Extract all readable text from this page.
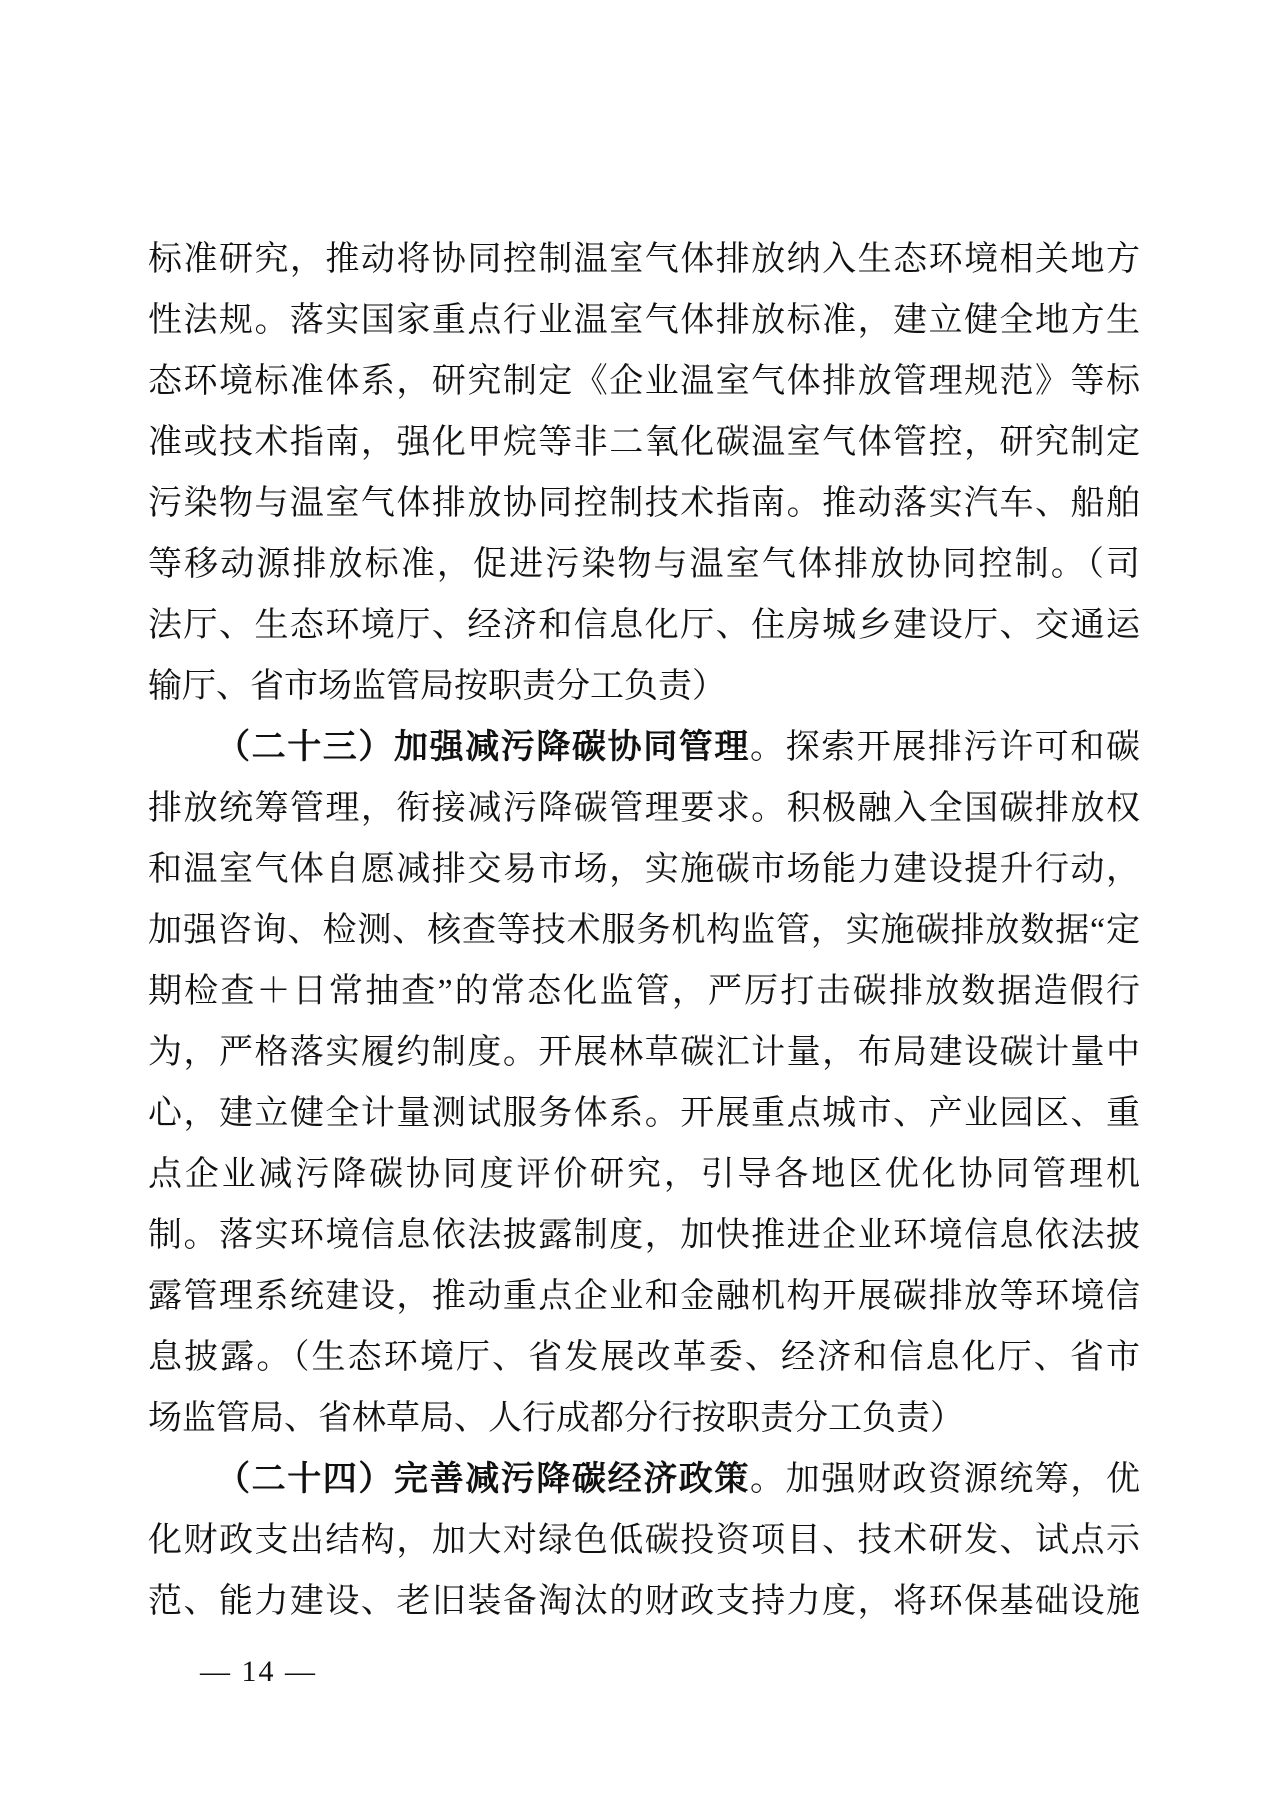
标准研究，推动将协同控制温室气体排放纳入生态环境相关地方
性法规。落实国家重点行业温室气体排放标准，建立健全地方生
态环境标准体系，研究制定《企业温室气体排放管理规范》等标
准或技术指南，强化甲烷等非二氧化碳温室气体管控，研究制定
污染物与温室气体排放协同控制技术指南。推动落实汽车、船舶
等移动源排放标准，促进污染物与温室气体排放协同控制。（司
法厅、生态环境厅、经济和信息化厅、住房城乡建设厅、交通运
输厅、省市场监管局按职责分工负责）
（二十三）加强减污降碳协同管理。探索开展排污许可和碳
排放统筹管理，衔接减污降碳管理要求。积极融入全国碳排放权
和温室气体自愿减排交易市场，实施碳市场能力建设提升行动，
加强咨询、检测、核查等技术服务机构监管，实施碳排放数据“定
期检查＋日常抽查”的常态化监管，严厉打击碳排放数据造假行
为，严格落实履约制度。开展林草碳汇计量，布局建设碳计量中
心，建立健全计量测试服务体系。开展重点城市、产业园区、重
点企业减污降碳协同度评价研究，引导各地区优化协同管理机
制。落实环境信息依法披露制度，加快推进企业环境信息依法披
露管理系统建设，推动重点企业和金融机构开展碳排放等环境信
息披露。（生态环境厅、省发展改革委、经济和信息化厅、省市
场监管局、省林草局、人行成都分行按职责分工负责）
（二十四）完善减污降碳经济政策。加强财政资源统筹，优
化财政支出结构，加大对绿色低碳投资项目、技术研发、试点示
范、能力建设、老旧装备淘汰的财政支持力度，将环保基础设施
— 14 —
